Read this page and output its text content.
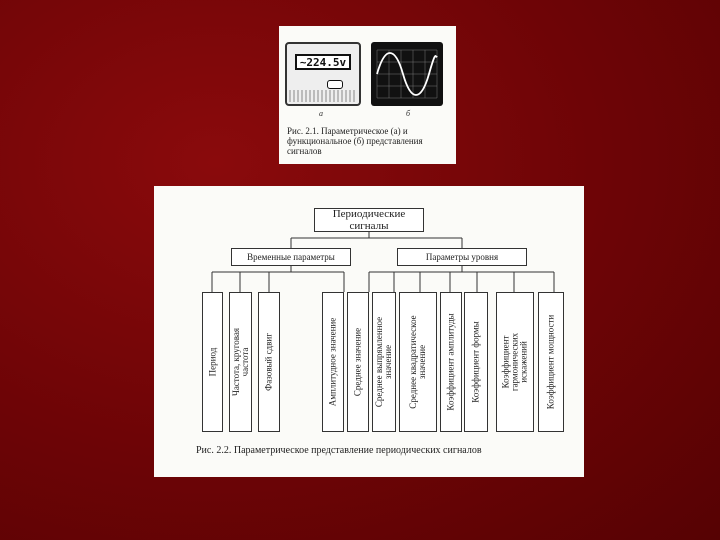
~224.5v
а	б
Рис. 2.1. Параметрическое (а) и функциональное (б) представления сигналов
Периодические сигналы
Временные параметры	Параметры уровня
Период
Частота, круговая
частота Фазовый сдвиг	Амплитудное значение Среднее значение Среднее выпрямленное
значение
Среднее квадратическое
значение Коэффициент амплитуды Коэффициент формы Коэффициент
гармонических
искажений Коэффициент мощности
Рис. 2.2. Параметрическое представление периодических сигналов
